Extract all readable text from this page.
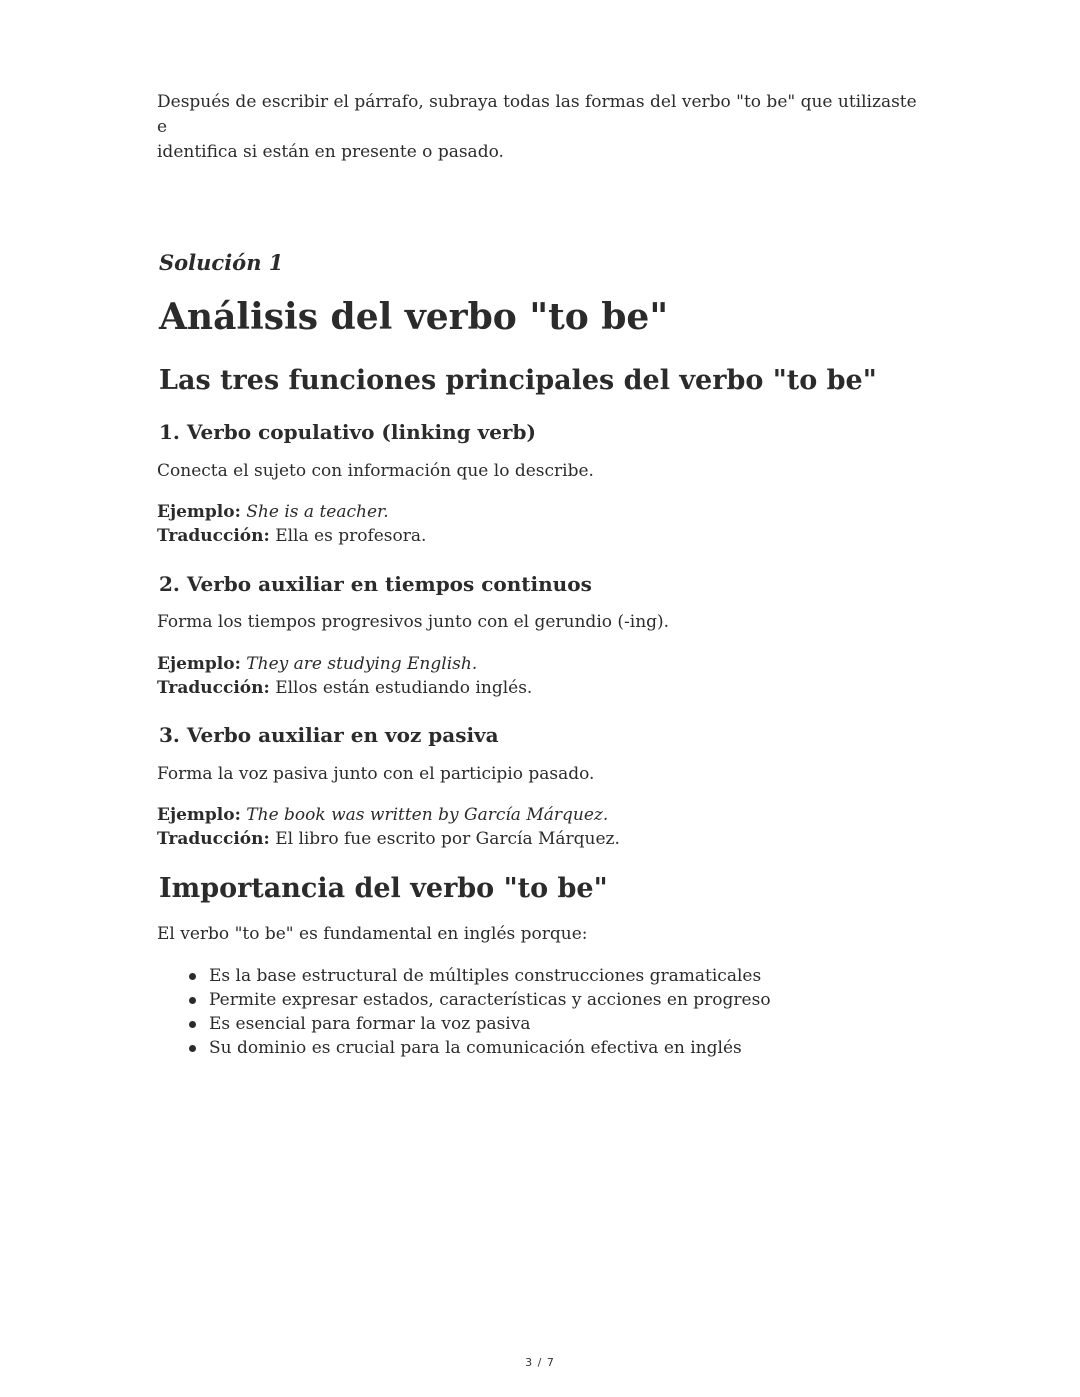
Después de escribir el párrafo, subraya todas las formas del verbo "to be" que utilizaste e
identifica si están en presente o pasado.

Solución 1

Análisis del verbo "to be"
Las tres funciones principales del verbo "to be"
1. Verbo copulativo (linking verb)

Conecta el sujeto con información que lo describe.

Ejemplo: She is a teacher.
Traducción: Ella es profesora.

2. Verbo auxiliar en tiempos continuos

Forma los tiempos progresivos junto con el gerundio (-ing).

Ejemplo: They are studying English.
Traducción: Ellos están estudiando inglés.

3. Verbo auxiliar en voz pasiva

Forma la voz pasiva junto con el participio pasado.

Ejemplo: The book was written by García Márquez.
Traducción: El libro fue escrito por García Márquez.

Importancia del verbo "to be"

El verbo "to be" es fundamental en inglés porque:

Es la base estructural de múltiples construcciones gramaticales
Permite expresar estados, características y acciones en progreso
Es esencial para formar la voz pasiva
Su dominio es crucial para la comunicación efectiva en inglés
3 / 7
